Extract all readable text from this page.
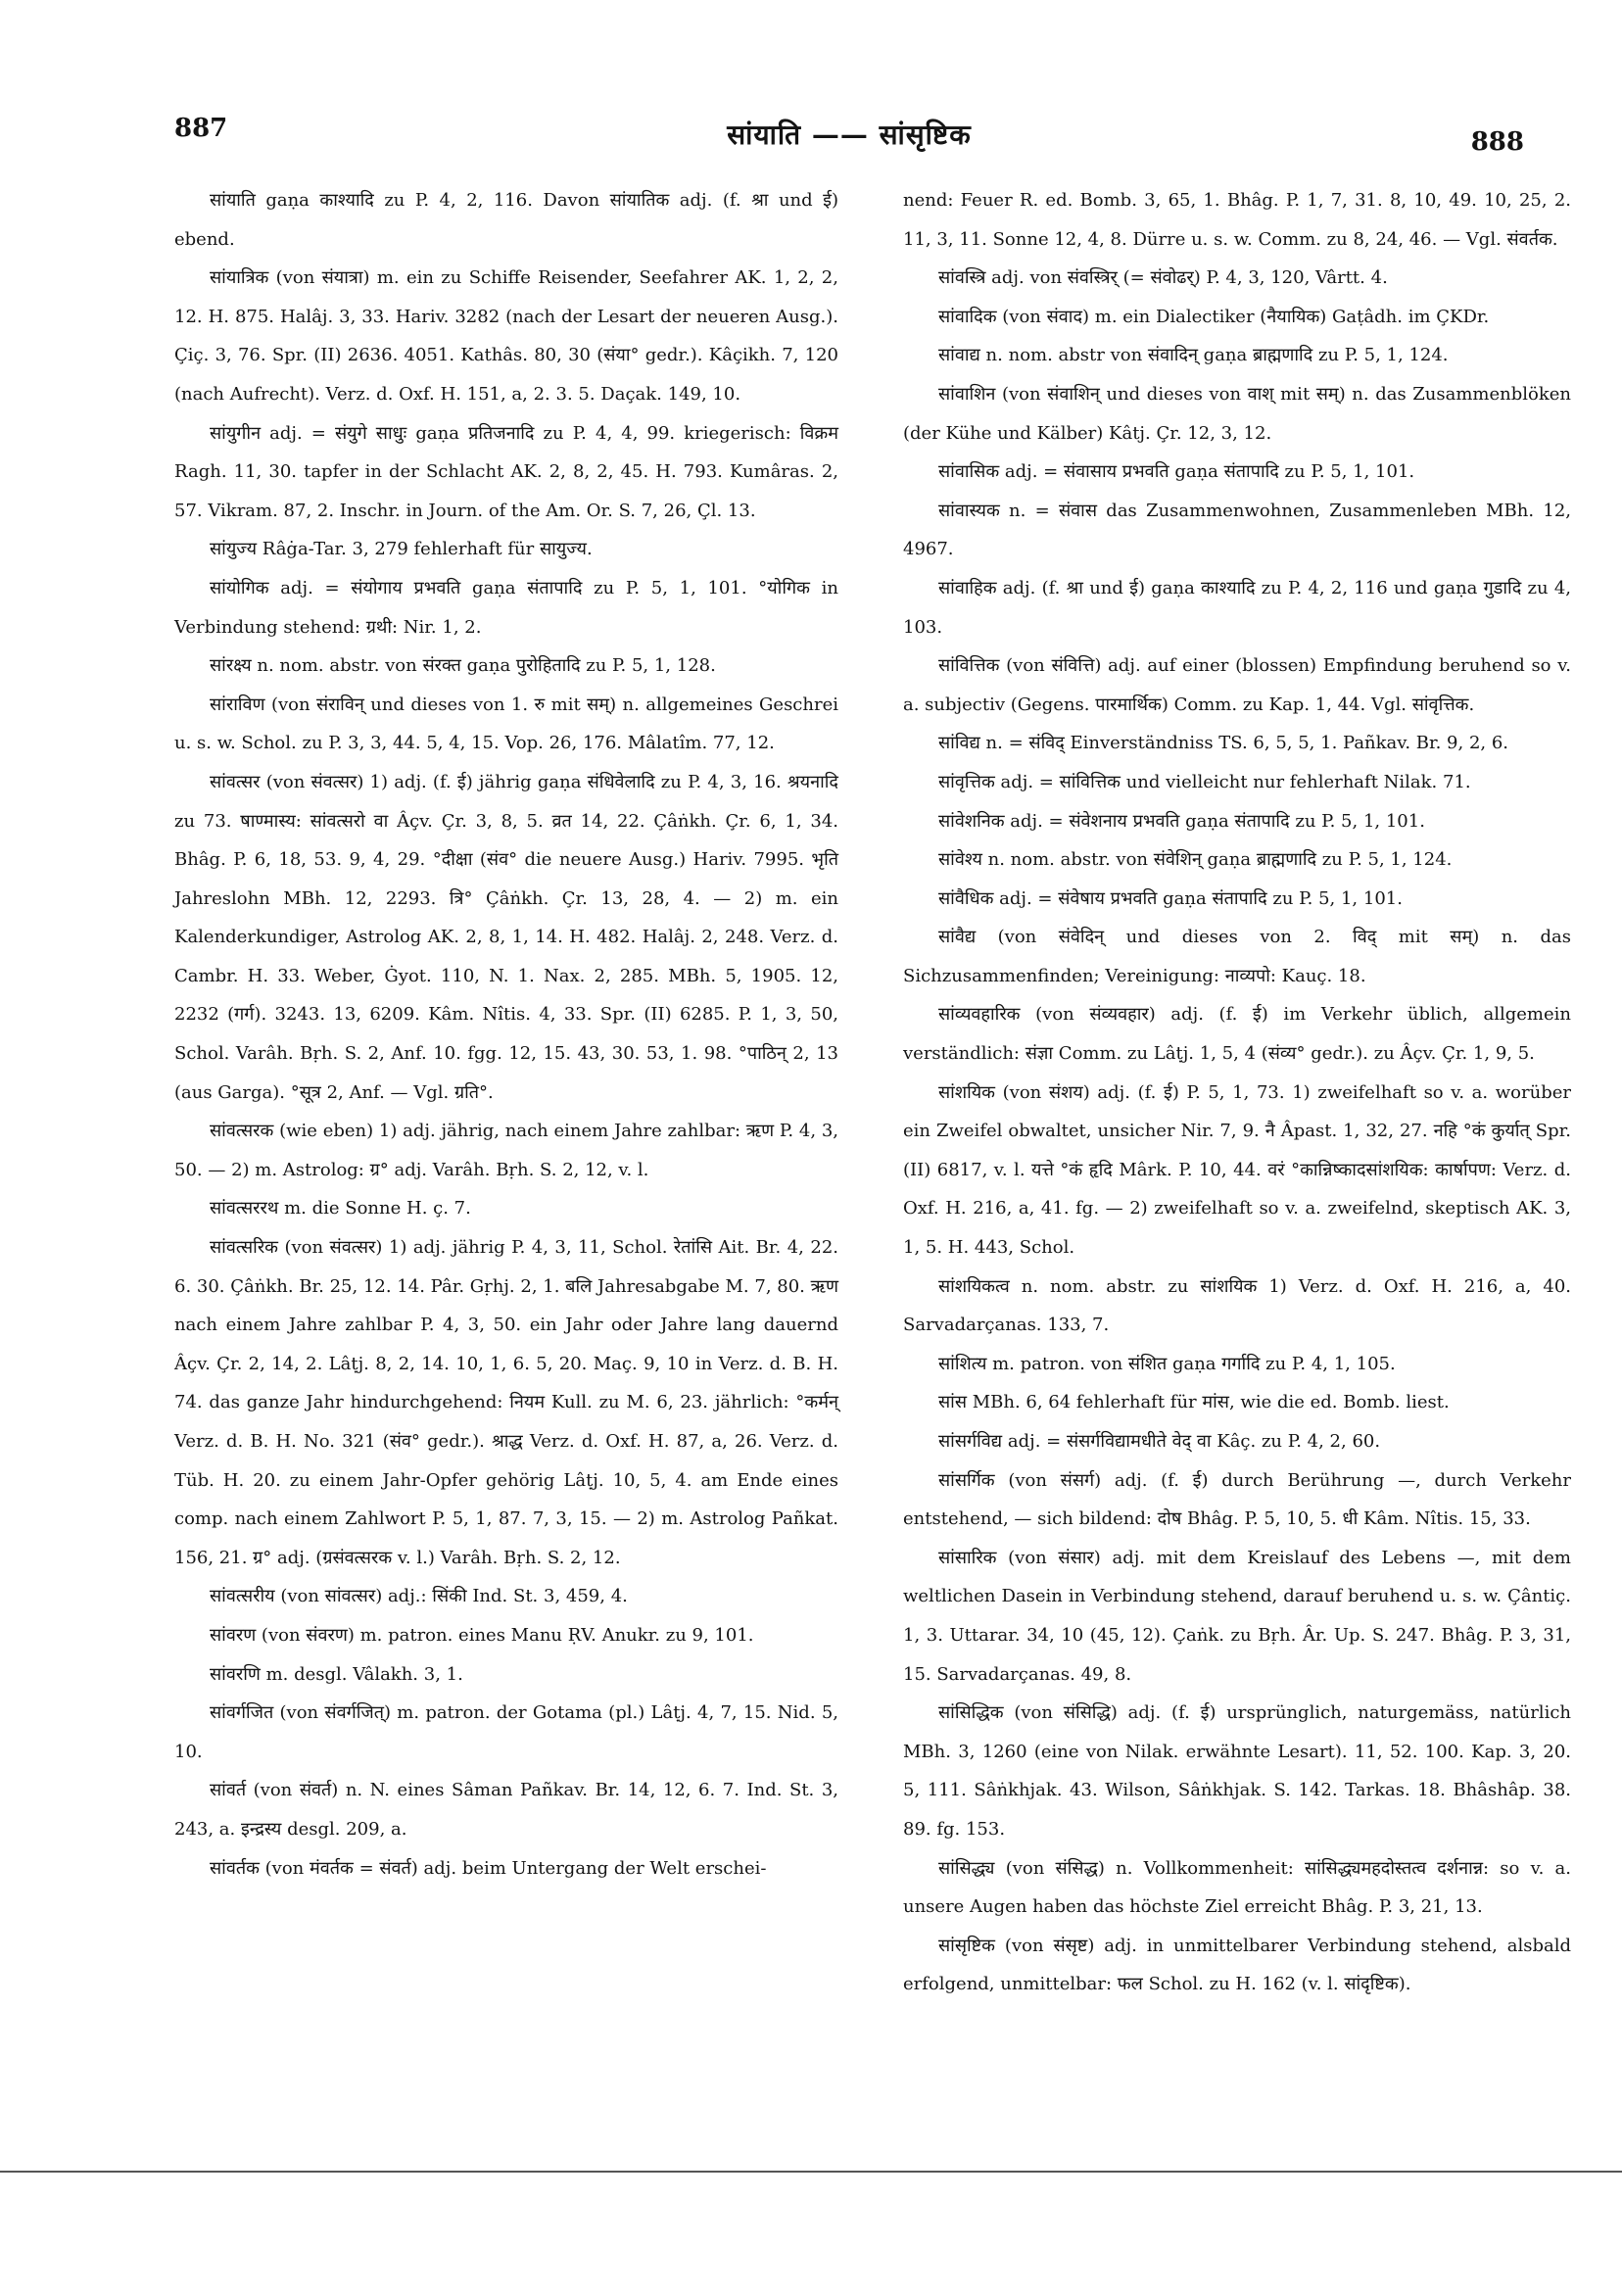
887	सांयाति —— सांसृष्टिक	888

सांयाति gaṇa काश्यादि zu P. 4, 2, 116. Davon सांयातिक adj. (f. श्रा und ई) ebend.

सांयात्रिक (von संयात्रा) m. ein zu Schiffe Reisender, Seefahrer AK. 1, 2, 2, 12. H. 875. Halâj. 3, 33. Hariv. 3282 (nach der Lesart der neueren Ausg.). Çiç. 3, 76. Spr. (II) 2636. 4051. Kathâs. 80, 30 (संया° gedr.). Kâçikh. 7, 120 (nach Aufrecht). Verz. d. Oxf. H. 151, a, 2. 3. 5. Daçak. 149, 10.

सांयुगीन adj. = संयुगे साधुः gaṇa प्रतिजनादि zu P. 4, 4, 99. kriegerisch: विक्रम Ragh. 11, 30. tapfer in der Schlacht AK. 2, 8, 2, 45. H. 793. Kumâras. 2, 57. Vikram. 87, 2. Inschr. in Journ. of the Am. Or. S. 7, 26, Çl. 13.

सांयुज्य Râġa-Tar. 3, 279 fehlerhaft für सायुज्य.

सांयोगिक adj. = संयोगाय प्रभवति gaṇa संतापादि zu P. 5, 1, 101. °योगिक in Verbindung stehend: ग्रथी: Nir. 1, 2.

सांरक्ष्य n. nom. abstr. von संरक्त gaṇa पुरोहितादि zu P. 5, 1, 128.

सांराविण (von संराविन् und dieses von 1. रु mit सम्) n. allgemeines Geschrei u. s. w. Schol. zu P. 3, 3, 44. 5, 4, 15. Vop. 26, 176. Mâlatîm. 77, 12.

सांवत्सर (von संवत्सर) 1) adj. (f. ई) jährig gaṇa संधिवेलादि zu P. 4, 3, 16. श्रयनादि zu 73. षाण्मास्य: सांवत्सरो वा Âçv. Çr. 3, 8, 5. व्रत 14, 22. Çâṅkh. Çr. 6, 1, 34. Bhâg. P. 6, 18, 53. 9, 4, 29. °दीक्षा (संव° die neuere Ausg.) Hariv. 7995. भृति Jahreslohn MBh. 12, 2293. त्रि° Çâṅkh. Çr. 13, 28, 4. — 2) m. ein Kalenderkundiger, Astrolog AK. 2, 8, 1, 14. H. 482. Halâj. 2, 248. Verz. d. Cambr. H. 33. Weber, Ġyot. 110, N. 1. Nax. 2, 285. MBh. 5, 1905. 12, 2232 (गर्ग). 3243. 13, 6209. Kâm. Nîtis. 4, 33. Spr. (II) 6285. P. 1, 3, 50, Schol. Varâh. Bṛh. S. 2, Anf. 10. fgg. 12, 15. 43, 30. 53, 1. 98. °पाठिन् 2, 13 (aus Garga). °सूत्र 2, Anf. — Vgl. ग्रति°.

सांवत्सरक (wie eben) 1) adj. jährig, nach einem Jahre zahlbar: ऋण P. 4, 3, 50. — 2) m. Astrolog: ग्र° adj. Varâh. Bṛh. S. 2, 12, v. l.

सांवत्सररथ m. die Sonne H. ç. 7.

सांवत्सरिक (von संवत्सर) 1) adj. jährig P. 4, 3, 11, Schol. रेतांसि Ait. Br. 4, 22. 6. 30. Çâṅkh. Br. 25, 12. 14. Pâr. Gṛhj. 2, 1. बलि Jahresabgabe M. 7, 80. ऋण nach einem Jahre zahlbar P. 4, 3, 50. ein Jahr oder Jahre lang dauernd Âçv. Çr. 2, 14, 2. Lâṭj. 8, 2, 14. 10, 1, 6. 5, 20. Maç. 9, 10 in Verz. d. B. H. 74. das ganze Jahr hindurchgehend: नियम Kull. zu M. 6, 23. jährlich: °कर्मन् Verz. d. B. H. No. 321 (संव° gedr.). श्राद्ध Verz. d. Oxf. H. 87, a, 26. Verz. d. Tüb. H. 20. zu einem Jahr-Opfer gehörig Lâṭj. 10, 5, 4. am Ende eines comp. nach einem Zahlwort P. 5, 1, 87. 7, 3, 15. — 2) m. Astrolog Pañkat. 156, 21. ग्र° adj. (ग्रसंवत्सरक v. l.) Varâh. Bṛh. S. 2, 12.

सांवत्सरीय (von सांवत्सर) adj.: सिंकी Ind. St. 3, 459, 4.

सांवरण (von संवरण) m. patron. eines Manu ṚV. Anukr. zu 9, 101.

सांवरणि m. desgl. Vâlakh. 3, 1.

सांवर्गजित (von संवर्गजित्) m. patron. der Gotama (pl.) Lâṭj. 4, 7, 15. Nid. 5, 10.

सांवर्त (von संवर्त) n. N. eines Sâman Pañkav. Br. 14, 12, 6. 7. Ind. St. 3, 243, a. इन्द्रस्य desgl. 209, a.

सांवर्तक (von मंवर्तक = संवर्त) adj. beim Untergang der Welt erschei-

nend: Feuer R. ed. Bomb. 3, 65, 1. Bhâg. P. 1, 7, 31. 8, 10, 49. 10, 25, 2. 11, 3, 11. Sonne 12, 4, 8. Dürre u. s. w. Comm. zu 8, 24, 46. — Vgl. संवर्तक.

सांवस्त्रि adj. von संवस्त्रिर् (= संवोढर्) P. 4, 3, 120, Vârtt. 4.

सांवादिक (von संवाद) m. ein Dialectiker (नैयायिक) Gaṭâdh. im ÇKDr.

सांवाद्य n. nom. abstr von संवादिन् gaṇa ब्राह्मणादि zu P. 5, 1, 124.

सांवाशिन (von संवाशिन् und dieses von वाश् mit सम्) n. das Zusammenblöken (der Kühe und Kälber) Kâtj. Çr. 12, 3, 12.

सांवासिक adj. = संवासाय प्रभवति gaṇa संतापादि zu P. 5, 1, 101.

सांवास्यक n. = संवास das Zusammenwohnen, Zusammenleben MBh. 12, 4967.

सांवाहिक adj. (f. श्रा und ई) gaṇa काश्यादि zu P. 4, 2, 116 und gaṇa गुडादि zu 4, 103.

सांवित्तिक (von संवित्ति) adj. auf einer (blossen) Empfindung beruhend so v. a. subjectiv (Gegens. पारमार्थिक) Comm. zu Kap. 1, 44. Vgl. सांवृत्तिक.

सांविद्य n. = संविद् Einverständniss TS. 6, 5, 5, 1. Pañkav. Br. 9, 2, 6.

सांवृत्तिक adj. = सांवित्तिक und vielleicht nur fehlerhaft Nilak. 71.

सांवेशनिक adj. = संवेशनाय प्रभवति gaṇa संतापादि zu P. 5, 1, 101.

सांवेश्य n. nom. abstr. von संवेशिन् gaṇa ब्राह्मणादि zu P. 5, 1, 124.

सांवैधिक adj. = संवेषाय प्रभवति gaṇa संतापादि zu P. 5, 1, 101.

सांवैद्य (von संवेदिन् und dieses von 2. विद् mit सम्) n. das Sichzusammenfinden; Vereinigung: नाव्यपो: Kauç. 18.

सांव्यवहारिक (von संव्यवहार) adj. (f. ई) im Verkehr üblich, allgemein verständlich: संज्ञा Comm. zu Lâṭj. 1, 5, 4 (संव्य° gedr.). zu Âçv. Çr. 1, 9, 5.

सांशयिक (von संशय) adj. (f. ई) P. 5, 1, 73. 1) zweifelhaft so v. a. worüber ein Zweifel obwaltet, unsicher Nir. 7, 9. नै Âpast. 1, 32, 27. नहि °कं कुर्यात् Spr. (II) 6817, v. l. यत्ते °कं हृदि Mârk. P. 10, 44. वरं °कान्निष्कादसांशयिक: कार्षापण: Verz. d. Oxf. H. 216, a, 41. fg. — 2) zweifelhaft so v. a. zweifelnd, skeptisch AK. 3, 1, 5. H. 443, Schol.

सांशयिकत्व n. nom. abstr. zu सांशयिक 1) Verz. d. Oxf. H. 216, a, 40. Sarvadarçanas. 133, 7.

सांशित्य m. patron. von संशित gaṇa गर्गादि zu P. 4, 1, 105.

सांस MBh. 6, 64 fehlerhaft für मांस, wie die ed. Bomb. liest.

सांसर्गविद्य adj. = संसर्गविद्यामधीते वेद् वा Kâç. zu P. 4, 2, 60.

सांसर्गिक (von संसर्ग) adj. (f. ई) durch Berührung —, durch Verkehr entstehend, — sich bildend: दोष Bhâg. P. 5, 10, 5. धी Kâm. Nîtis. 15, 33.

सांसारिक (von संसार) adj. mit dem Kreislauf des Lebens —, mit dem weltlichen Dasein in Verbindung stehend, darauf beruhend u. s. w. Çântiç. 1, 3. Uttarar. 34, 10 (45, 12). Çaṅk. zu Bṛh. Âr. Up. S. 247. Bhâg. P. 3, 31, 15. Sarvadarçanas. 49, 8.

सांसिद्धिक (von संसिद्धि) adj. (f. ई) ursprünglich, naturgemäss, natürlich MBh. 3, 1260 (eine von Nilak. erwähnte Lesart). 11, 52. 100. Kap. 3, 20. 5, 111. Sâṅkhjak. 43. Wilson, Sâṅkhjak. S. 142. Tarkas. 18. Bhâshâp. 38. 89. fg. 153.

सांसिद्ध्य (von संसिद्ध) n. Vollkommenheit: सांसिद्ध्यमहदोस्तत्व दर्शनान्न: so v. a. unsere Augen haben das höchste Ziel erreicht Bhâg. P. 3, 21, 13.

सांसृष्टिक (von संसृष्ट) adj. in unmittelbarer Verbindung stehend, alsbald erfolgend, unmittelbar: फल Schol. zu H. 162 (v. l. सांदृष्टिक).
